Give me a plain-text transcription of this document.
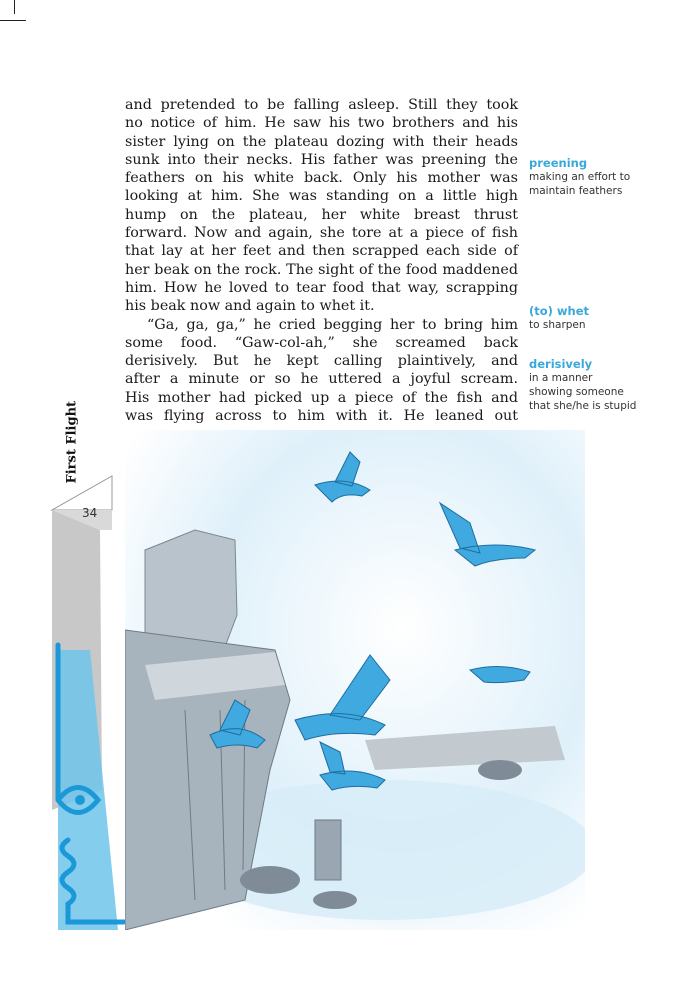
and pretended to be falling asleep. Still they took

no notice of him. He saw his two brothers and his

sister lying on the plateau dozing with their heads

sunk into their necks. His father was preening the

feathers on his white back. Only his mother was

looking at him. She was standing on a little high

hump on the plateau, her white breast thrust

forward. Now and again, she tore at a piece of fish

that lay at her feet and then scrapped each side of

her beak on the rock. The sight of the food maddened

him. How he loved to tear food that way, scrapping

his beak now and again to whet it.

“Ga, ga, ga,” he cried begging her to bring him

some food. “Gaw-col-ah,” she screamed back

derisively. But he kept calling plaintively, and

after a minute or so he uttered a joyful scream.

His mother had picked up a piece of the fish and

was flying across to him with it. He leaned out

preening
making an effort to
maintain feathers
(to) whet
to sharpen
derisively
in a manner
showing someone
that she/he is stupid
First Flight
34
